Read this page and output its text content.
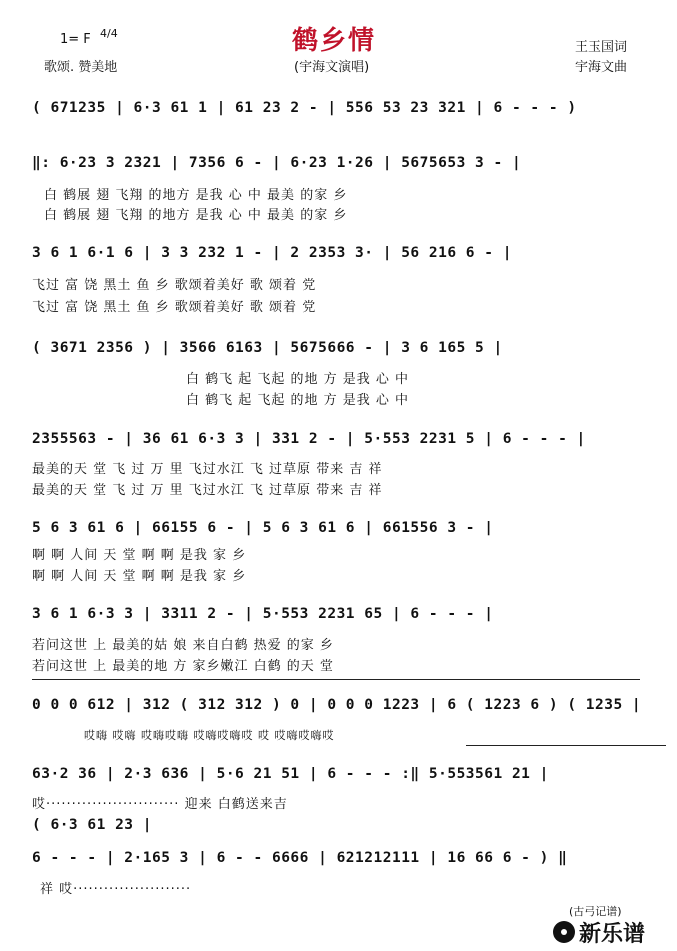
1= F 4/4
歌颂. 赞美地
鹤乡情
(宇海文演唱)
王玉国词
宇海文曲
( 671235 | 6·3 61 1 | 61 23 2 - | 556 53 23 321 | 6 - - - )
‖: 6·23 3 2321 | 7356 6 - | 6·23 1·26 | 5675653 3 - |
白 鹤展 翅 飞翔 的地方 是我 心 中 最美 的家 乡
白 鹤展 翅 飞翔 的地方 是我 心 中 最美 的家 乡
3 6 1 6·1 6 | 3 3 232 1 - | 2 2353 3· | 56 216 6 - |
飞过 富 饶 黑土 鱼 乡 歌颂着美好 歌 颂着 党
飞过 富 饶 黑土 鱼 乡 歌颂着美好 歌 颂着 党
( 3671 2356 ) | 3566 6163 | 5675666 - | 3 6 165 5 |
白 鹤飞 起 飞起 的地 方 是我 心 中
白 鹤飞 起 飞起 的地 方 是我 心 中
2355563 - | 36 61 6·3 3 | 331 2 - | 5·553 2231 5 | 6 - - - |
最美的天 堂 飞 过 万 里 飞过水江 飞 过草原 带来 吉 祥
最美的天 堂 飞 过 万 里 飞过水江 飞 过草原 带来 吉 祥
5 6 3 61 6 | 66155 6 - | 5 6 3 61 6 | 661556 3 - |
啊 啊 人间 天 堂 啊 啊 是我 家 乡
啊 啊 人间 天 堂 啊 啊 是我 家 乡
3 6 1 6·3 3 | 3311 2 - | 5·553 2231 65 | 6 - - - |
若问这世 上 最美的姑 娘 来自白鹤 热爱 的家 乡
若问这世 上 最美的地 方 家乡嫩江 白鹤 的天 堂
0 0 0 612 | 312 ( 312 312 ) 0 | 0 0 0 1223 | 6 ( 1223 6 ) ( 1235 |
哎嗨 哎嗨 哎嗨哎嗨 哎嗨哎嗨哎 哎 哎嗨哎嗨哎
63·2 36 | 2·3 636 | 5·6 21 51 | 6 - - - :‖ 5·553561 21 |
哎·························· 迎来 白鹤送来吉
( 6·3 61 23 |
6 - - - | 2·165 3 | 6 - - 6666 | 621212111 | 16 66 6 - ) ‖
祥 哎·······················
(古弓记谱)
新乐谱
